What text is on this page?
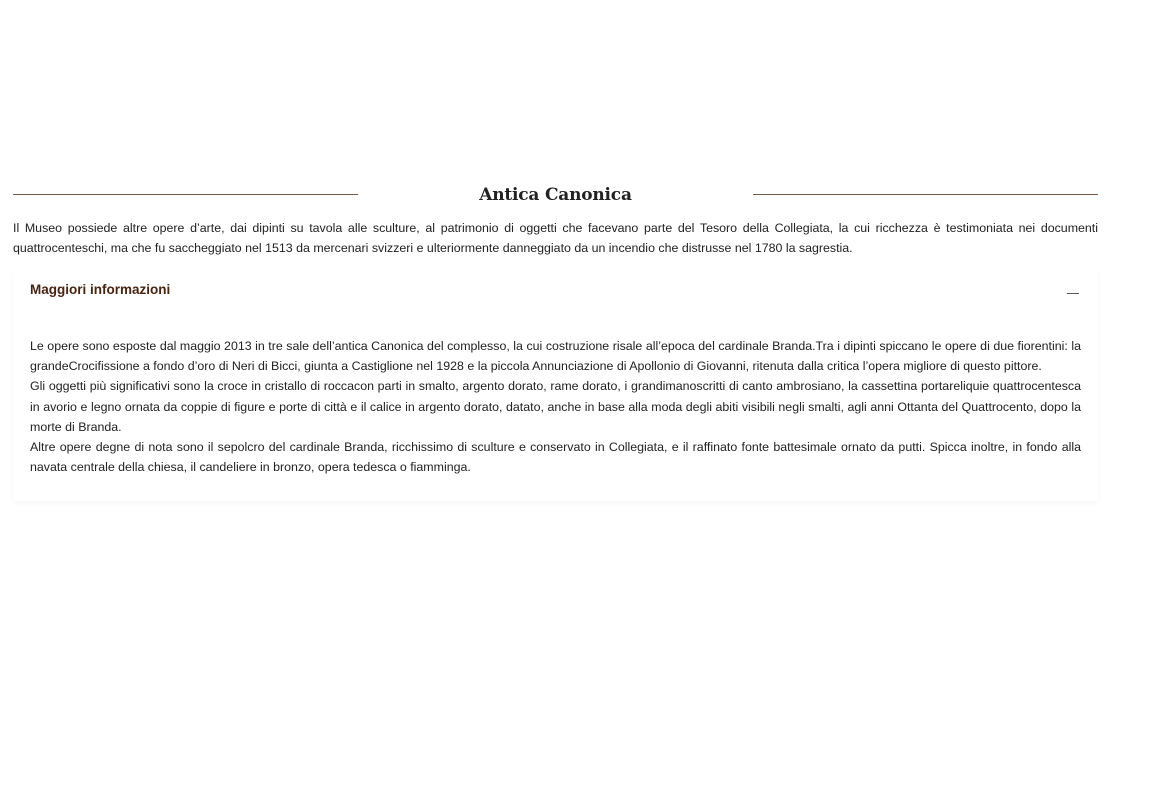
Antica Canonica

Il Museo possiede altre opere d’arte, dai dipinti su tavola alle sculture, al patrimonio di oggetti che facevano parte del Tesoro della Collegiata, la cui ricchezza è testimoniata nei documenti quattrocenteschi, ma che fu saccheggiato nel 1513 da mercenari svizzeri e ulteriormente danneggiato da un incendio che distrusse nel 1780 la sagrestia.

Maggiori informazioni

Le opere sono esposte dal maggio 2013 in tre sale dell’antica Canonica del complesso, la cui costruzione risale all’epoca del cardinale Branda.Tra i dipinti spiccano le opere di due fiorentini: la grandeCrocifissione a fondo d’oro di Neri di Bicci, giunta a Castiglione nel 1928 e la piccola Annunciazione di Apollonio di Giovanni, ritenuta dalla critica l’opera migliore di questo pittore.

Gli oggetti più significativi sono la croce in cristallo di roccacon parti in smalto, argento dorato, rame dorato, i grandimanoscritti di canto ambrosiano, la cassettina portareliquie quattrocentesca in avorio e legno ornata da coppie di figure e porte di città e il calice in argento dorato, datato, anche in base alla moda degli abiti visibili negli smalti, agli anni Ottanta del Quattrocento, dopo la morte di Branda.

Altre opere degne di nota sono il sepolcro del cardinale Branda, ricchissimo di sculture e conservato in Collegiata, e il raffinato fonte battesimale ornato da putti. Spicca inoltre, in fondo alla navata centrale della chiesa, il candeliere in bronzo, opera tedesca o fiamminga.
